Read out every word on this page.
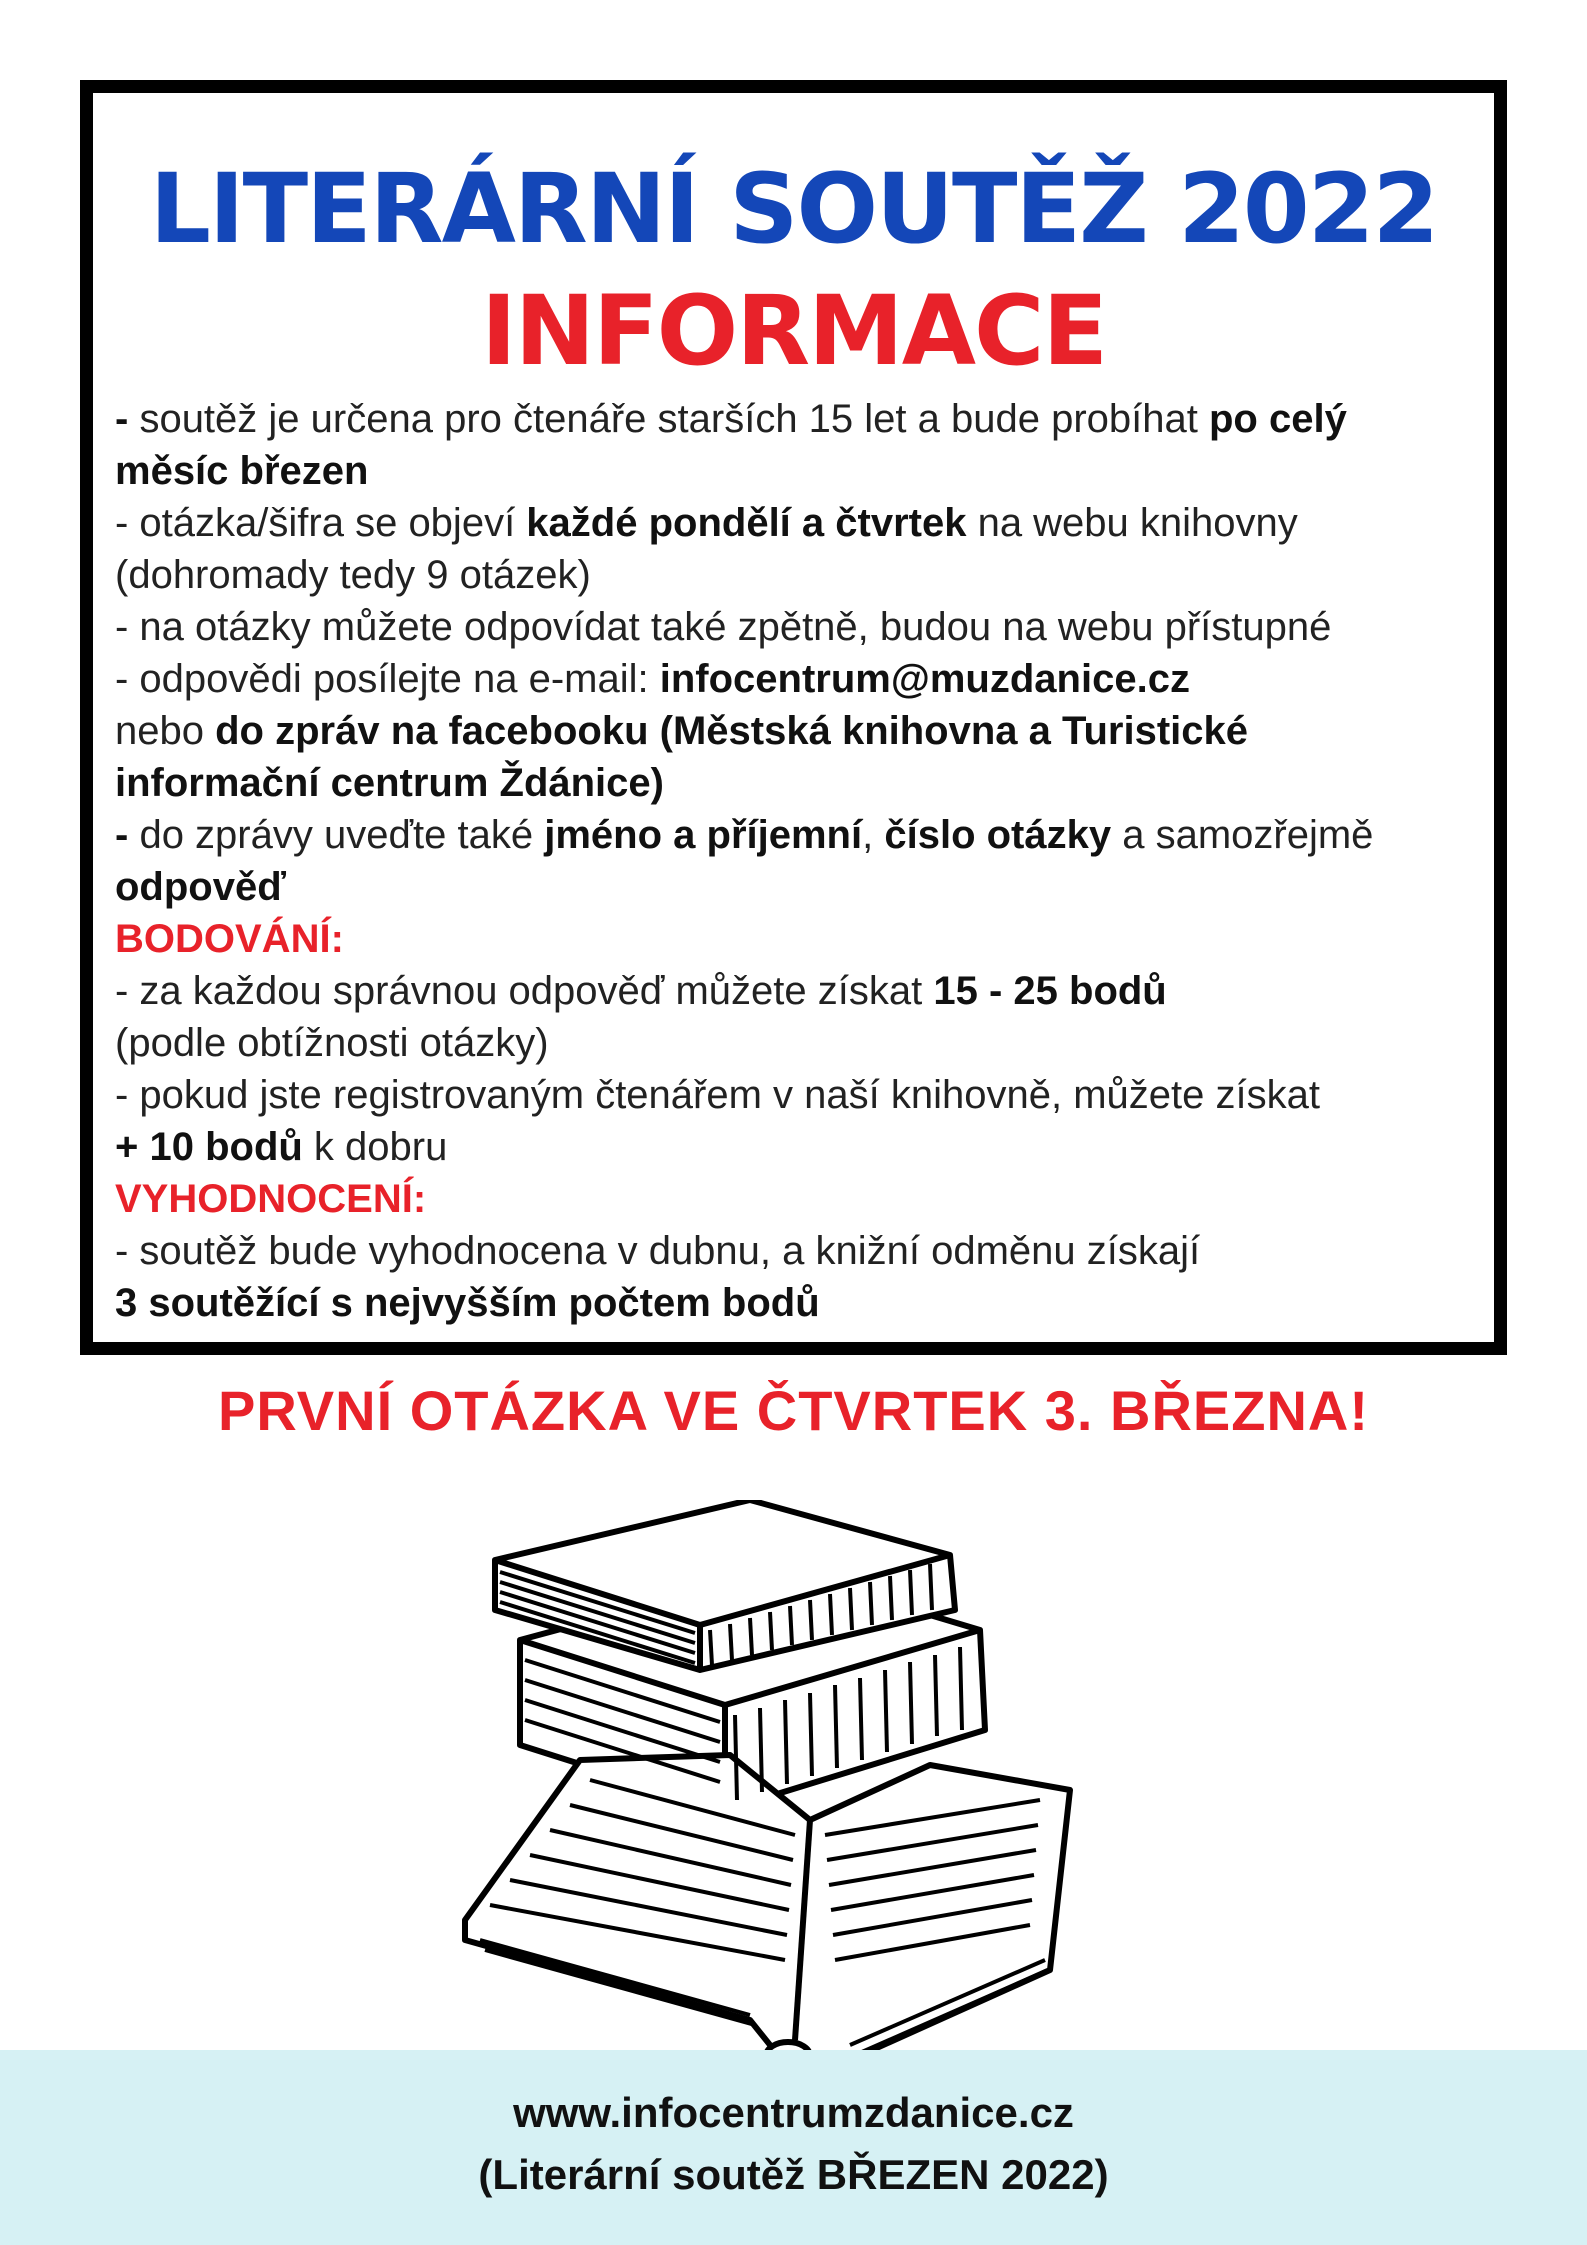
LITERÁRNÍ SOUTĚŽ 2022
INFORMACE
- soutěž je určena pro čtenáře starších 15 let a bude probíhat po celý
měsíc březen
- otázka/šifra se objeví každé pondělí a čtvrtek na webu knihovny
(dohromady tedy 9 otázek)
- na otázky můžete odpovídat také zpětně, budou na webu přístupné
- odpovědi posílejte na e-mail: infocentrum@muzdanice.cz
nebo do zpráv na facebooku (Městská knihovna a Turistické
informační centrum Ždánice)
- do zprávy uveďte také jméno a příjemní, číslo otázky a samozřejmě
odpověď
BODOVÁNÍ:
- za každou správnou odpověď můžete získat 15 - 25 bodů
(podle obtížnosti otázky)
- pokud jste registrovaným čtenářem v naší knihovně, můžete získat
+ 10 bodů k dobru
VYHODNOCENÍ:
- soutěž bude vyhodnocena v dubnu, a knižní odměnu získají
3 soutěžící s nejvyšším počtem bodů
PRVNÍ OTÁZKA VE ČTVRTEK 3. BŘEZNA!
www.infocentrumzdanice.cz
(Literární soutěž BŘEZEN 2022)
